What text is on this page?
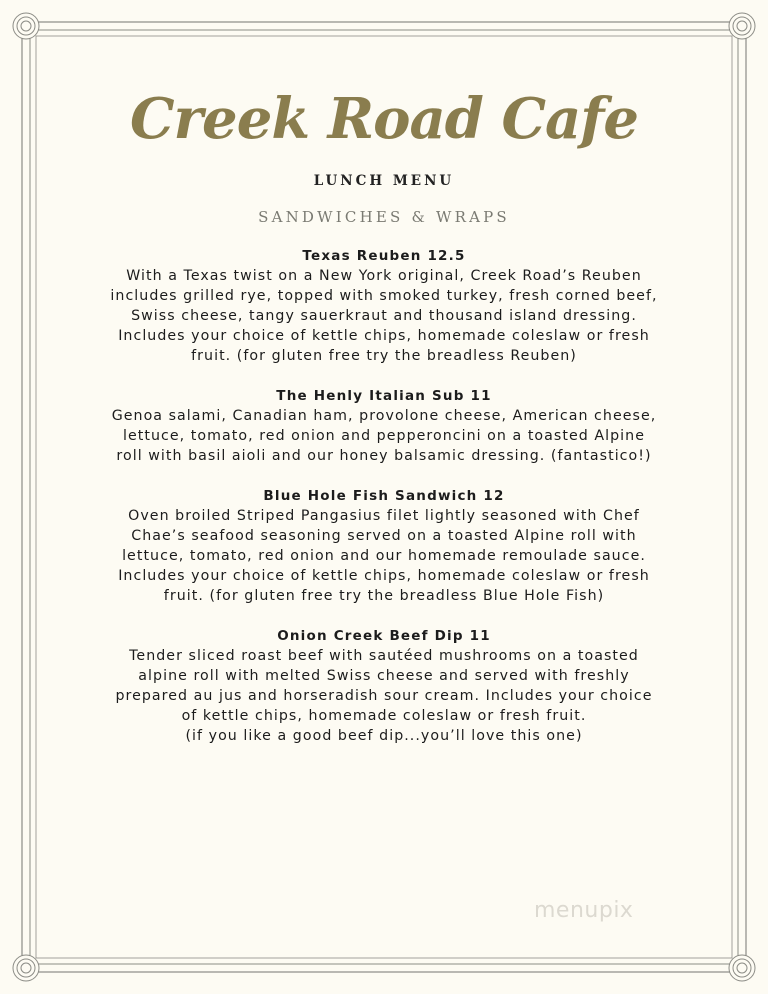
Creek Road Cafe
LUNCH MENU
SANDWICHES & WRAPS
Texas Reuben 12.5
With a Texas twist on a New York original, Creek Road’s Reuben
includes grilled rye, topped with smoked turkey, fresh corned beef,
Swiss cheese, tangy sauerkraut and thousand island dressing.
Includes your choice of kettle chips, homemade coleslaw or fresh
fruit. (for gluten free try the breadless Reuben)
The Henly Italian Sub 11
Genoa salami, Canadian ham, provolone cheese, American cheese,
lettuce, tomato, red onion and pepperoncini on a toasted Alpine
roll with basil aioli and our honey balsamic dressing. (fantastico!)
Blue Hole Fish Sandwich 12
Oven broiled Striped Pangasius filet lightly seasoned with Chef
Chae’s seafood seasoning served on a toasted Alpine roll with
lettuce, tomato, red onion and our homemade remoulade sauce.
Includes your choice of kettle chips, homemade coleslaw or fresh
fruit. (for gluten free try the breadless Blue Hole Fish)
Onion Creek Beef Dip 11
Tender sliced roast beef with sautéed mushrooms on a toasted
alpine roll with melted Swiss cheese and served with freshly
prepared au jus and horseradish sour cream. Includes your choice
of kettle chips, homemade coleslaw or fresh fruit.
(if you like a good beef dip...you’ll love this one)
menupix
